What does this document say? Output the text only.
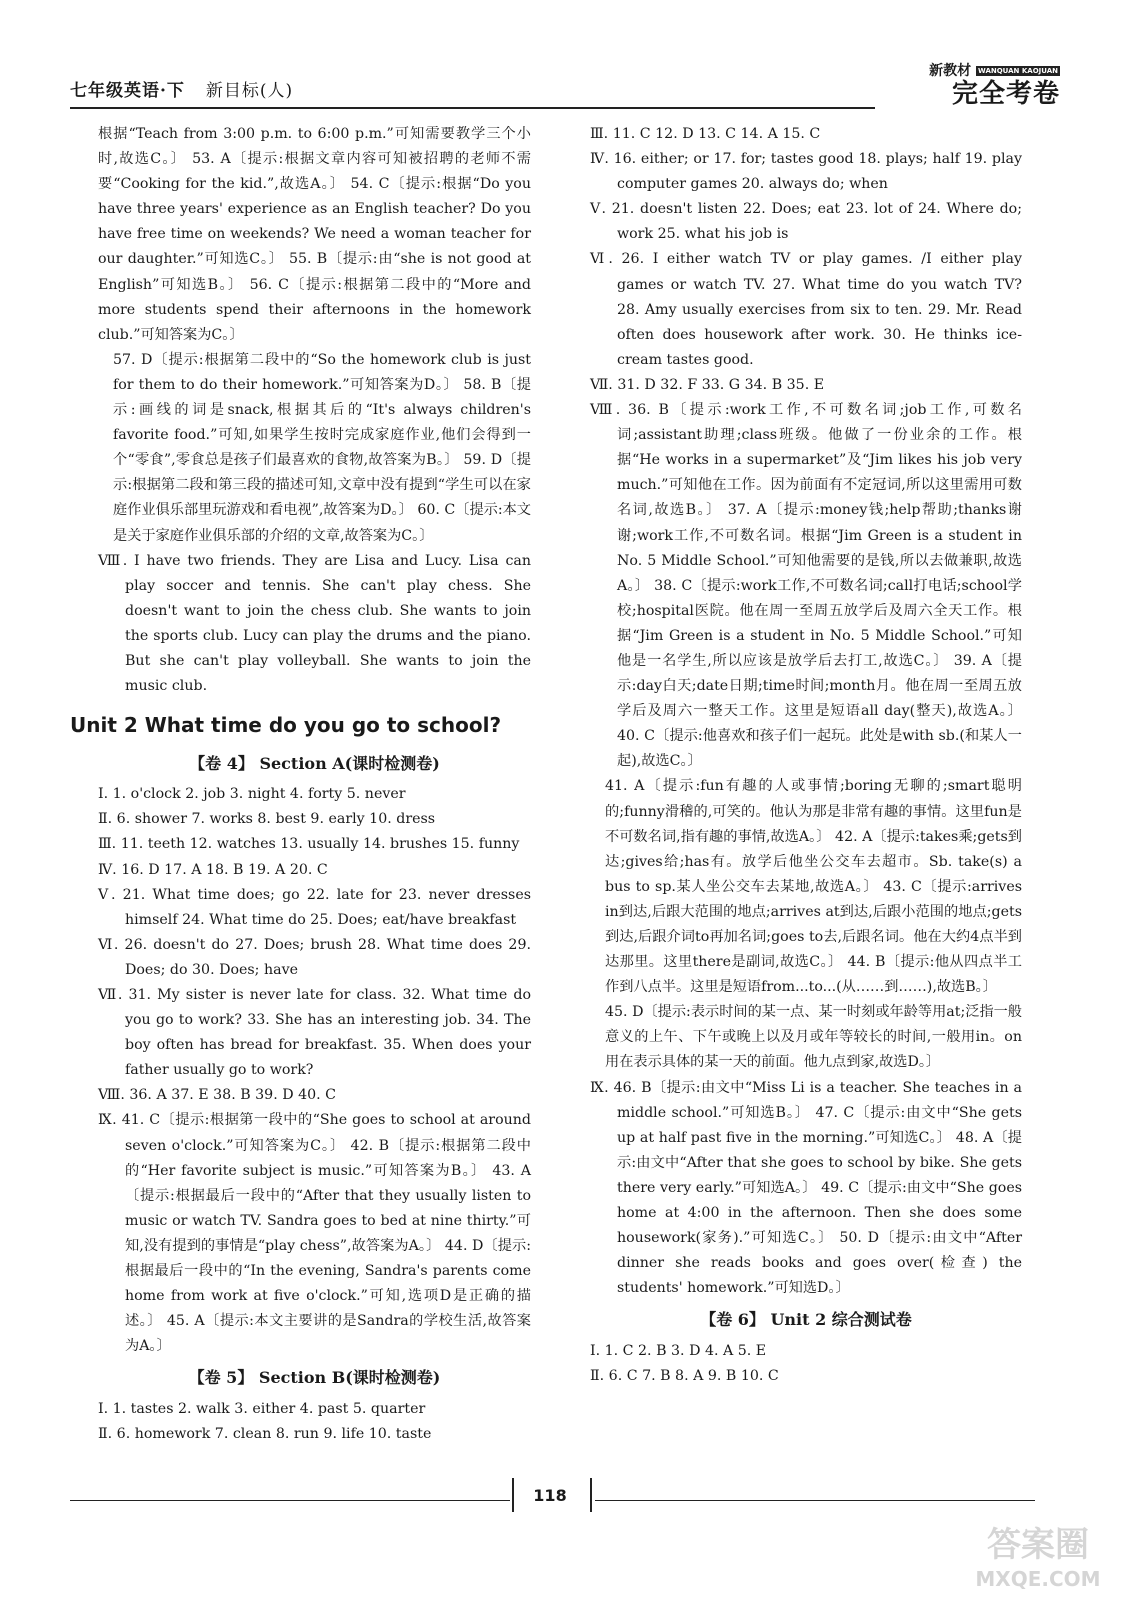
七年级英语·下 新目标(人)
新教材 WANQUAN KAOJUAN
完全考卷

根据“Teach from 3:00 p.m. to 6:00 p.m.”可知需要教学三个小时,故选C。〕 53. A〔提示:根据文章内容可知被招聘的老师不需要“Cooking for the kid.”,故选A。〕 54. C〔提示:根据“Do you have three years' experience as an English teacher? Do you have free time on weekends? We need a woman teacher for our daughter.”可知选C。〕 55. B〔提示:由“she is not good at English”可知选B。〕 56. C〔提示:根据第二段中的“More and more students spend their afternoons in the homework club.”可知答案为C。〕

57. D〔提示:根据第二段中的“So the homework club is just for them to do their homework.”可知答案为D。〕 58. B〔提示:画线的词是snack,根据其后的“It's always children's favorite food.”可知,如果学生按时完成家庭作业,他们会得到一个“零食”,零食总是孩子们最喜欢的食物,故答案为B。〕 59. D〔提示:根据第二段和第三段的描述可知,文章中没有提到“学生可以在家庭作业俱乐部里玩游戏和看电视”,故答案为D。〕 60. C〔提示:本文是关于家庭作业俱乐部的介绍的文章,故答案为C。〕

Ⅷ. I have two friends. They are Lisa and Lucy. Lisa can play soccer and tennis. She can't play chess. She doesn't want to join the chess club. She wants to join the sports club. Lucy can play the drums and the piano. But she can't play volleyball. She wants to join the music club.

Unit 2 What time do you go to school?
【卷 4】 Section A(课时检测卷)

Ⅰ. 1. o'clock 2. job 3. night 4. forty 5. never

Ⅱ. 6. shower 7. works 8. best 9. early 10. dress

Ⅲ. 11. teeth 12. watches 13. usually 14. brushes 15. funny

Ⅳ. 16. D 17. A 18. B 19. A 20. C

Ⅴ. 21. What time does; go 22. late for 23. never dresses himself 24. What time do 25. Does; eat/have breakfast

Ⅵ. 26. doesn't do 27. Does; brush 28. What time does 29. Does; do 30. Does; have

Ⅶ. 31. My sister is never late for class. 32. What time do you go to work? 33. She has an interesting job. 34. The boy often has bread for breakfast. 35. When does your father usually go to work?

Ⅷ. 36. A 37. E 38. B 39. D 40. C

Ⅸ. 41. C〔提示:根据第一段中的“She goes to school at around seven o'clock.”可知答案为C。〕 42. B〔提示:根据第二段中的“Her favorite subject is music.”可知答案为B。〕 43. A〔提示:根据最后一段中的“After that they usually listen to music or watch TV. Sandra goes to bed at nine thirty.”可知,没有提到的事情是“play chess”,故答案为A。〕 44. D〔提示:根据最后一段中的“In the evening, Sandra's parents come home from work at five o'clock.”可知,选项D是正确的描述。〕 45. A〔提示:本文主要讲的是Sandra的学校生活,故答案为A。〕

【卷 5】 Section B(课时检测卷)

Ⅰ. 1. tastes 2. walk 3. either 4. past 5. quarter

Ⅱ. 6. homework 7. clean 8. run 9. life 10. taste

Ⅲ. 11. C 12. D 13. C 14. A 15. C

Ⅳ. 16. either; or 17. for; tastes good 18. plays; half 19. play computer games 20. always do; when

Ⅴ. 21. doesn't listen 22. Does; eat 23. lot of 24. Where do; work 25. what his job is

Ⅵ. 26. I either watch TV or play games. /I either play games or watch TV. 27. What time do you watch TV? 28. Amy usually exercises from six to ten. 29. Mr. Read often does housework after work. 30. He thinks ice-cream tastes good.

Ⅶ. 31. D 32. F 33. G 34. B 35. E

Ⅷ. 36. B〔提示:work工作,不可数名词;job工作,可数名词;assistant助理;class班级。他做了一份业余的工作。根据“He works in a supermarket”及“Jim likes his job very much.”可知他在工作。因为前面有不定冠词,所以这里需用可数名词,故选B。〕 37. A〔提示:money钱;help帮助;thanks谢谢;work工作,不可数名词。根据“Jim Green is a student in No. 5 Middle School.”可知他需要的是钱,所以去做兼职,故选A。〕 38. C〔提示:work工作,不可数名词;call打电话;school学校;hospital医院。他在周一至周五放学后及周六全天工作。根据“Jim Green is a student in No. 5 Middle School.”可知他是一名学生,所以应该是放学后去打工,故选C。〕 39. A〔提示:day白天;date日期;time时间;month月。他在周一至周五放学后及周六一整天工作。这里是短语all day(整天),故选A。〕 40. C〔提示:他喜欢和孩子们一起玩。此处是with sb.(和某人一起),故选C。〕

41. A〔提示:fun有趣的人或事情;boring无聊的;smart聪明的;funny滑稽的,可笑的。他认为那是非常有趣的事情。这里fun是不可数名词,指有趣的事情,故选A。〕 42. A〔提示:takes乘;gets到达;gives给;has有。放学后他坐公交车去超市。Sb. take(s) a bus to sp.某人坐公交车去某地,故选A。〕 43. C〔提示:arrives in到达,后跟大范围的地点;arrives at到达,后跟小范围的地点;gets到达,后跟介词to再加名词;goes to去,后跟名词。他在大约4点半到达那里。这里there是副词,故选C。〕 44. B〔提示:他从四点半工作到八点半。这里是短语from...to...(从……到……),故选B。〕

45. D〔提示:表示时间的某一点、某一时刻或年龄等用at;泛指一般意义的上午、下午或晚上以及月或年等较长的时间,一般用in。on用在表示具体的某一天的前面。他九点到家,故选D。〕

Ⅸ. 46. B〔提示:由文中“Miss Li is a teacher. She teaches in a middle school.”可知选B。〕 47. C〔提示:由文中“She gets up at half past five in the morning.”可知选C。〕 48. A〔提示:由文中“After that she goes to school by bike. She gets there very early.”可知选A。〕 49. C〔提示:由文中“She goes home at 4:00 in the afternoon. Then she does some housework(家务).”可知选C。〕 50. D〔提示:由文中“After dinner she reads books and goes over(检查) the students' homework.”可知选D。〕

【卷 6】 Unit 2 综合测试卷

Ⅰ. 1. C 2. B 3. D 4. A 5. E

Ⅱ. 6. C 7. B 8. A 9. B 10. C

118
答案圈
MXQE.COM
